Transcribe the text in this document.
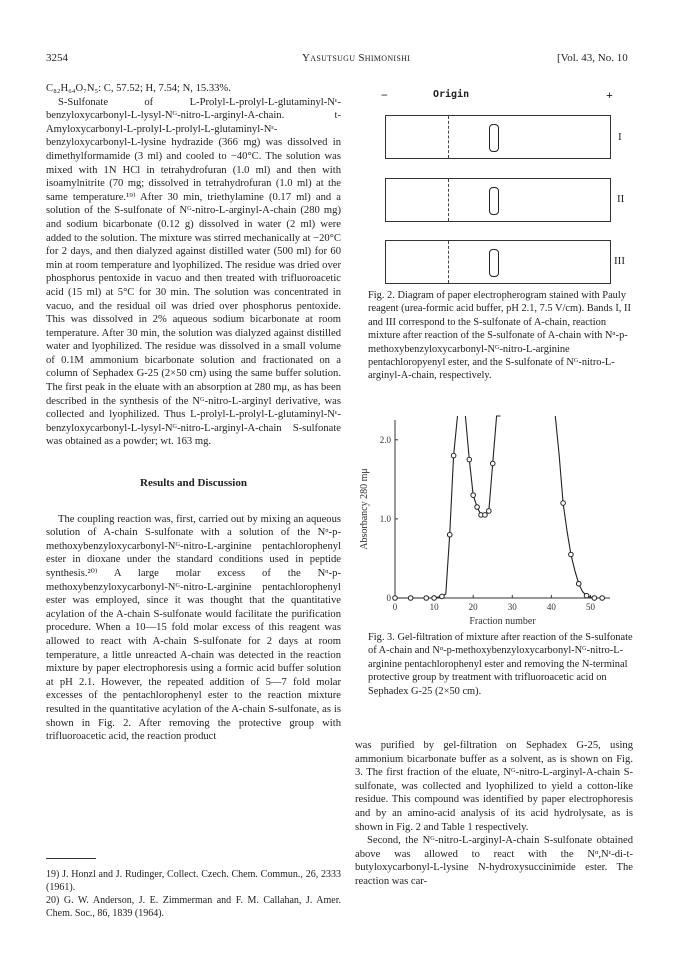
3254	Yasutsugu Shimonishi	[Vol. 43, No. 10

C₈₂H₆₄O₇N₅: C, 57.52; H, 7.54; N, 15.33%.

S-Sulfonate of L-Prolyl-L-prolyl-L-glutaminyl-Nᵋ-benzyloxycarbonyl-L-lysyl-Nᴳ-nitro-L-arginyl-A-chain. t-Amyloxycarbonyl-L-prolyl-L-prolyl-L-glutaminyl-Nᵋ-benzyloxycarbonyl-L-lysine hydrazide (366 mg) was dissolved in dimethylformamide (3 ml) and cooled to −40°C. The solution was mixed with 1N HCl in tetrahydrofuran (1.0 ml) and then with isoamylnitrite (70 mg; dissolved in tetrahydrofuran (1.0 ml) at the same temperature.¹⁹⁾ After 30 min, triethylamine (0.17 ml) and a solution of the S-sulfonate of Nᴳ-nitro-L-arginyl-A-chain (280 mg) and sodium bicarbonate (0.12 g) dissolved in water (2 ml) were added to the solution. The mixture was stirred mechanically at −20°C for 2 days, and then dialyzed against distilled water (500 ml) for 60 min at room temperature and lyophilized. The residue was dried over phosphorus pentoxide in vacuo and then treated with trifluoroacetic acid (15 ml) at 5°C for 30 min. The solution was concentrated in vacuo, and the residual oil was dried over phosphorus pentoxide. This was dissolved in 2% aqueous sodium bicarbonate at room temperature. After 30 min, the solution was dialyzed against distilled water and lyophilized. The residue was dissolved in a small volume of 0.1M ammonium bicarbonate solution and fractionated on a column of Sephadex G-25 (2×50 cm) using the same buffer solution. The first peak in the eluate with an absorption at 280 mμ, as has been described in the synthesis of the Nᴳ-nitro-L-arginyl derivative, was collected and lyophilized. Thus L-prolyl-L-prolyl-L-glutaminyl-Nᵋ-benzyloxycarbonyl-L-lysyl-Nᴳ-nitro-L-arginyl-A-chain S-sulfonate was obtained as a powder; wt. 163 mg.

Results and Discussion

The coupling reaction was, first, carried out by mixing an aqueous solution of A-chain S-sulfonate with a solution of the Nᵅ-p-methoxybenzyloxycarbonyl-Nᴳ-nitro-L-arginine pentachlorophenyl ester in dioxane under the standard conditions used in peptide synthesis.²⁰⁾ A large molar excess of the Nᵅ-p-methoxybenzyloxycarbonyl-Nᴳ-nitro-L-arginine pentachlorophenyl ester was employed, since it was thought that the quantitative acylation of the A-chain S-sulfonate would facilitate the purification procedure. When a 10—15 fold molar excess of this reagent was allowed to react with A-chain S-sulfonate for 2 days at room temperature, a little unreacted A-chain was detected in the reaction mixture by paper electrophoresis using a formic acid buffer solution at pH 2.1. However, the repeated addition of 5—7 fold molar excesses of the pentachlorophenyl ester to the reaction mixture resulted in the quantitative acylation of the A-chain S-sulfonate, as is shown in Fig. 2. After removing the protective group with trifluoroacetic acid, the reaction product

19) J. Honzl and J. Rudinger, Collect. Czech. Chem. Commun., 26, 2333 (1961).

20) G. W. Anderson, J. E. Zimmerman and F. M. Callahan, J. Amer. Chem. Soc., 86, 1839 (1964).

−	Origin	+
I
II
III
Fig. 2. Diagram of paper electropherogram stained with Pauly reagent (urea-formic acid buffer, pH 2.1, 7.5 V/cm). Bands I, II and III correspond to the S-sulfonate of A-chain, reaction mixture after reaction of the S-sulfonate of A-chain with Nᵅ-p-methoxybenzyloxycarbonyl-Nᴳ-nitro-L-arginine pentachloropyenyl ester, and the S-sulfonate of Nᴳ-nitro-L-arginyl-A-chain, respectively.
0	10	20	30	40	50
0
1.0
2.0
Absorbancy 280 mμ
Fraction number
Fig. 3. Gel-filtration of mixture after reaction of the S-sulfonate of A-chain and Nᵅ-p-methoxybenzyloxycarbonyl-Nᴳ-nitro-L-arginine pentachlorophenyl ester and removing the N-terminal protective group by treatment with trifluoroacetic acid on Sephadex G-25 (2×50 cm).

was purified by gel-filtration on Sephadex G-25, using ammonium bicarbonate buffer as a solvent, as is shown on Fig. 3. The first fraction of the eluate, Nᴳ-nitro-L-arginyl-A-chain S-sulfonate, was collected and lyophilized to yield a cotton-like residue. This compound was identified by paper electrophoresis and by an amino-acid analysis of its acid hydrolysate, as is shown in Fig. 2 and Table 1 respectively.

Second, the Nᴳ-nitro-L-arginyl-A-chain S-sulfonate obtained above was allowed to react with the Nᵅ,Nᵋ-di-t-butyloxycarbonyl-L-lysine N-hydroxysuccinimide ester. The reaction was car-
